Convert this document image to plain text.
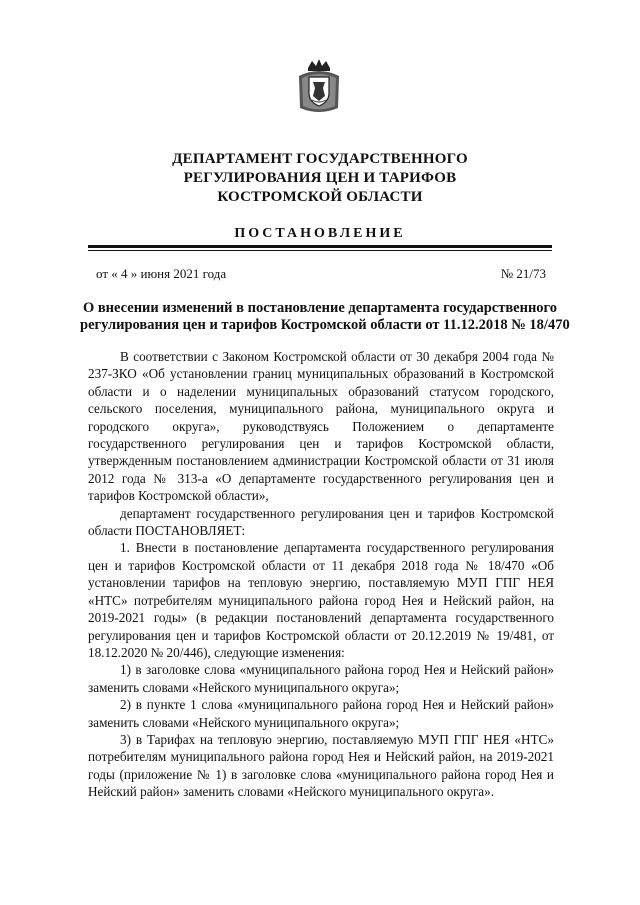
ДЕПАРТАМЕНТ ГОСУДАРСТВЕННОГО
РЕГУЛИРОВАНИЯ ЦЕН И ТАРИФОВ
КОСТРОМСКОЙ ОБЛАСТИ
ПОСТАНОВЛЕНИЕ
от « 4 » июня 2021 года	№ 21/73
О внесении изменений в постановление департамента государственного
регулирования цен и тарифов Костромской области от 11.12.2018 № 18/470

В соответствии с Законом Костромской области от 30 декабря 2004 года № 237-ЗКО «Об установлении границ муниципальных образований в Костромской области и о наделении муниципальных образований статусом городского, сельского поселения, муниципального района, муниципального округа и городского округа», руководствуясь Положением о департаменте государственного регулирования цен и тарифов Костромской области, утвержденным постановлением администрации Костромской области от 31 июля 2012 года № 313-а «О департаменте государственного регулирования цен и тарифов Костромской области»,

департамент государственного регулирования цен и тарифов Костромской области ПОСТАНОВЛЯЕТ:

1. Внести в постановление департамента государственного регулирования цен и тарифов Костромской области от 11 декабря 2018 года № 18/470 «Об установлении тарифов на тепловую энергию, поставляемую МУП ГПГ НЕЯ «НТС» потребителям муниципального района город Нея и Нейский район, на 2019-2021 годы» (в редакции постановлений департамента государственного регулирования цен и тарифов Костромской области от 20.12.2019 № 19/481, от 18.12.2020 № 20/446), следующие изменения:

1) в заголовке слова «муниципального района город Нея и Нейский район» заменить словами «Нейского муниципального округа»;

2) в пункте 1 слова «муниципального района город Нея и Нейский район» заменить словами «Нейского муниципального округа»;

3) в Тарифах на тепловую энергию, поставляемую МУП ГПГ НЕЯ «НТС» потребителям муниципального района город Нея и Нейский район, на 2019-2021 годы (приложение № 1) в заголовке слова «муниципального района город Нея и Нейский район» заменить словами «Нейского муниципального округа».
